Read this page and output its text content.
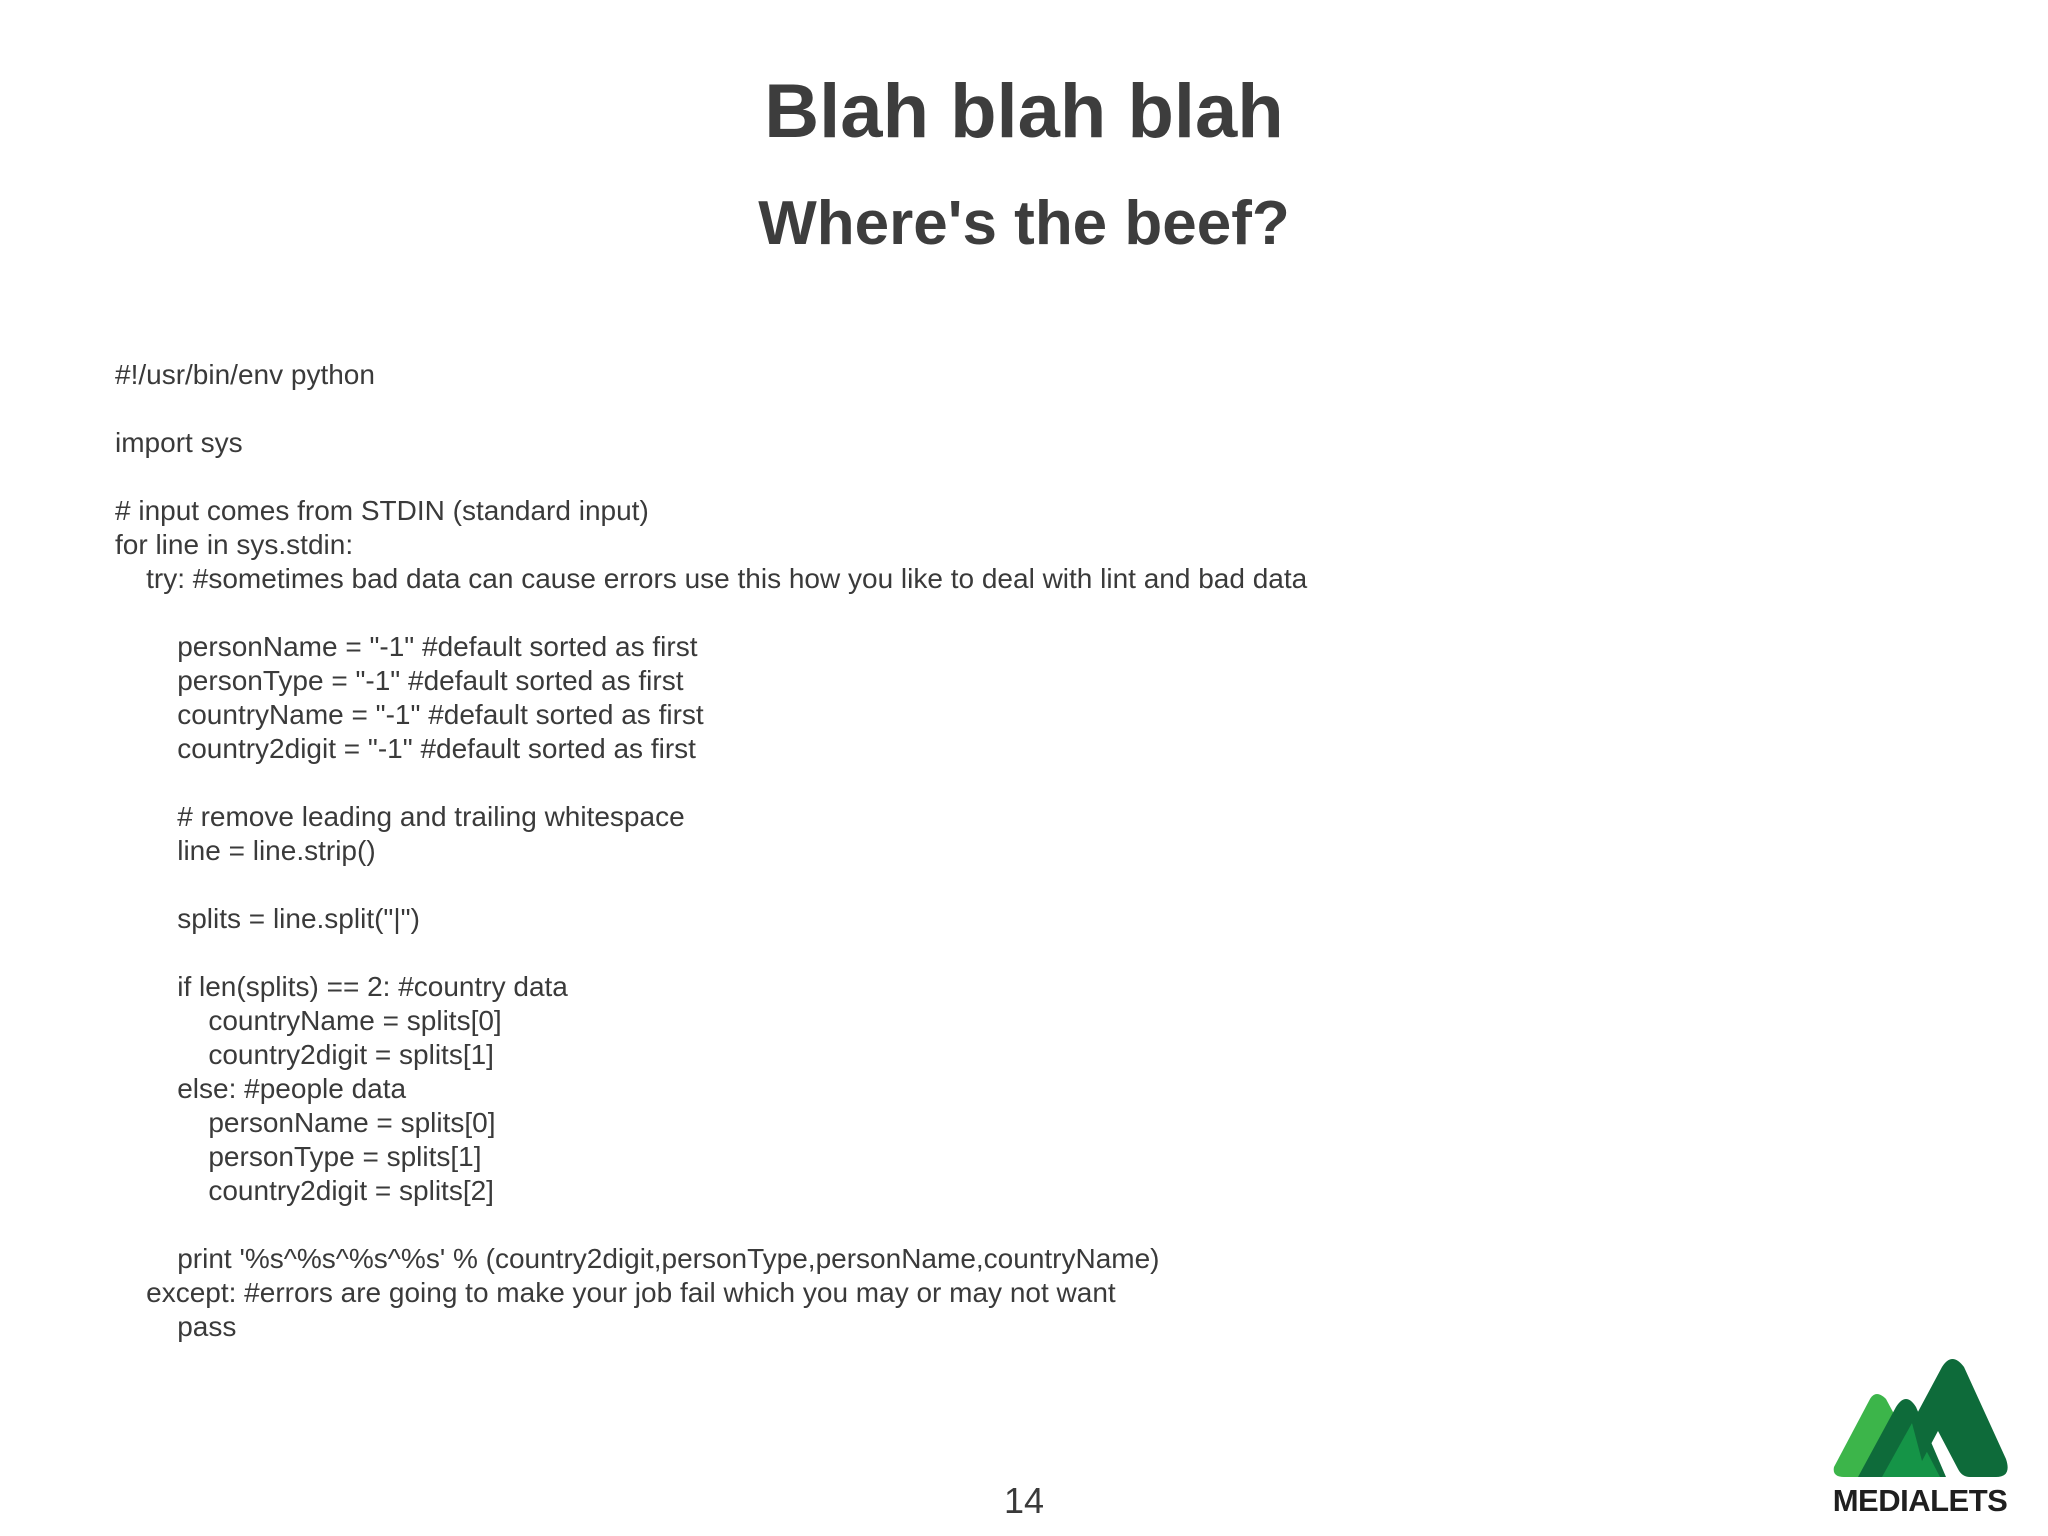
Blah blah blah
Where's the beef?
#!/usr/bin/env python
import sys
# input comes from STDIN (standard input)
for line in sys.stdin:
try: #sometimes bad data can cause errors use this how you like to deal with lint and bad data
personName = "-1" #default sorted as first
personType = "-1" #default sorted as first
countryName = "-1" #default sorted as first
country2digit = "-1" #default sorted as first
# remove leading and trailing whitespace
line = line.strip()
splits = line.split("|")
if len(splits) == 2: #country data
countryName = splits[0]
country2digit = splits[1]
else: #people data
personName = splits[0]
personType = splits[1]
country2digit = splits[2]
print '%s^%s^%s^%s' % (country2digit,personType,personName,countryName)
except: #errors are going to make your job fail which you may or may not want
pass
14	MEDIALETS
